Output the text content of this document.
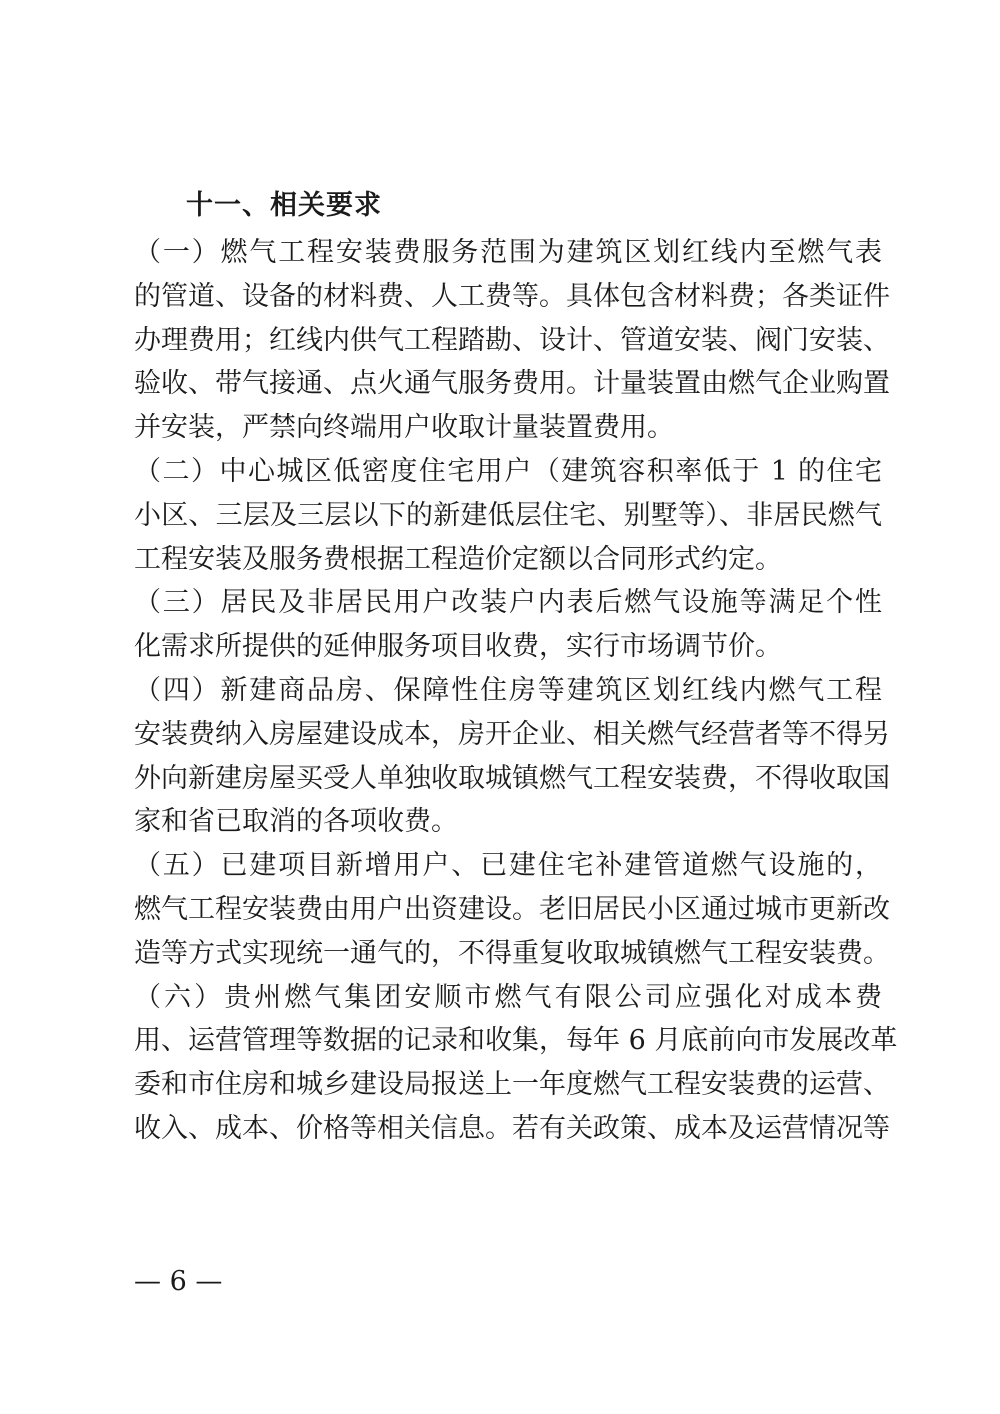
十一、相关要求
（一）燃气工程安装费服务范围为建筑区划红线内至燃气表
的管道、设备的材料费、人工费等。具体包含材料费；各类证件
办理费用；红线内供气工程踏勘、设计、管道安装、阀门安装、
验收、带气接通、点火通气服务费用。计量装置由燃气企业购置
并安装，严禁向终端用户收取计量装置费用。
（二）中心城区低密度住宅用户（建筑容积率低于 1 的住宅
小区、三层及三层以下的新建低层住宅、别墅等）、非居民燃气
工程安装及服务费根据工程造价定额以合同形式约定。
（三）居民及非居民用户改装户内表后燃气设施等满足个性
化需求所提供的延伸服务项目收费，实行市场调节价。
（四）新建商品房、保障性住房等建筑区划红线内燃气工程
安装费纳入房屋建设成本，房开企业、相关燃气经营者等不得另
外向新建房屋买受人单独收取城镇燃气工程安装费，不得收取国
家和省已取消的各项收费。
（五）已建项目新增用户、已建住宅补建管道燃气设施的，
燃气工程安装费由用户出资建设。老旧居民小区通过城市更新改
造等方式实现统一通气的，不得重复收取城镇燃气工程安装费。
（六）贵州燃气集团安顺市燃气有限公司应强化对成本费
用、运营管理等数据的记录和收集，每年 6 月底前向市发展改革
委和市住房和城乡建设局报送上一年度燃气工程安装费的运营、
收入、成本、价格等相关信息。若有关政策、成本及运营情况等
— 6 —
